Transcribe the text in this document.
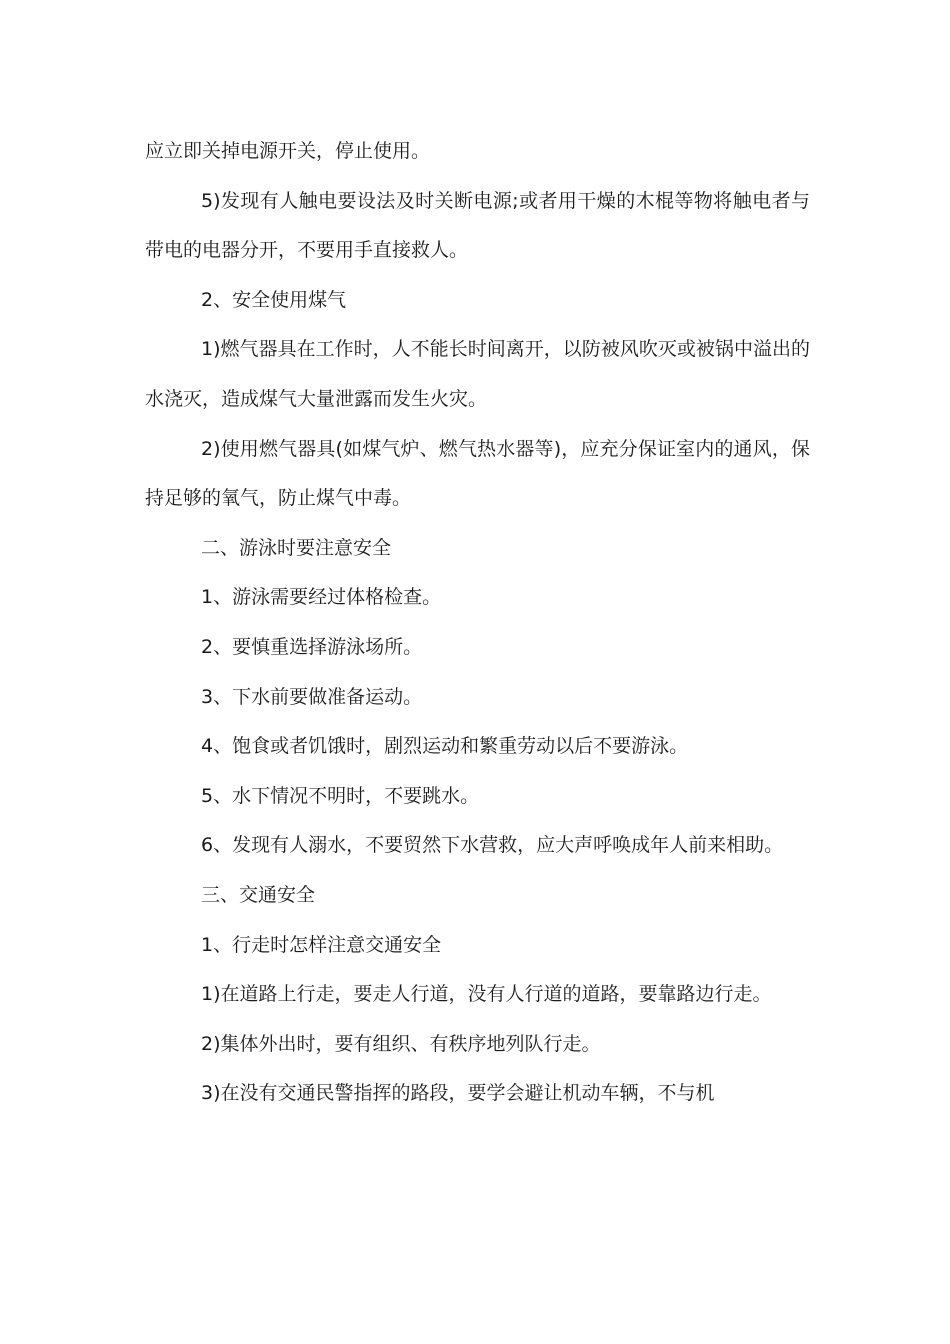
应立即关掉电源开关，停止使用。

5)发现有人触电要设法及时关断电源;或者用干燥的木棍等物将触电者与带电的电器分开，不要用手直接救人。

2、安全使用煤气

1)燃气器具在工作时，人不能长时间离开，以防被风吹灭或被锅中溢出的水浇灭，造成煤气大量泄露而发生火灾。

2)使用燃气器具(如煤气炉、燃气热水器等)，应充分保证室内的通风，保持足够的氧气，防止煤气中毒。

二、游泳时要注意安全

1、游泳需要经过体格检查。

2、要慎重选择游泳场所。

3、下水前要做准备运动。

4、饱食或者饥饿时，剧烈运动和繁重劳动以后不要游泳。

5、水下情况不明时，不要跳水。

6、发现有人溺水，不要贸然下水营救，应大声呼唤成年人前来相助。

三、交通安全

1、行走时怎样注意交通安全

1)在道路上行走，要走人行道，没有人行道的道路，要靠路边行走。

2)集体外出时，要有组织、有秩序地列队行走。

3)在没有交通民警指挥的路段，要学会避让机动车辆，不与机
